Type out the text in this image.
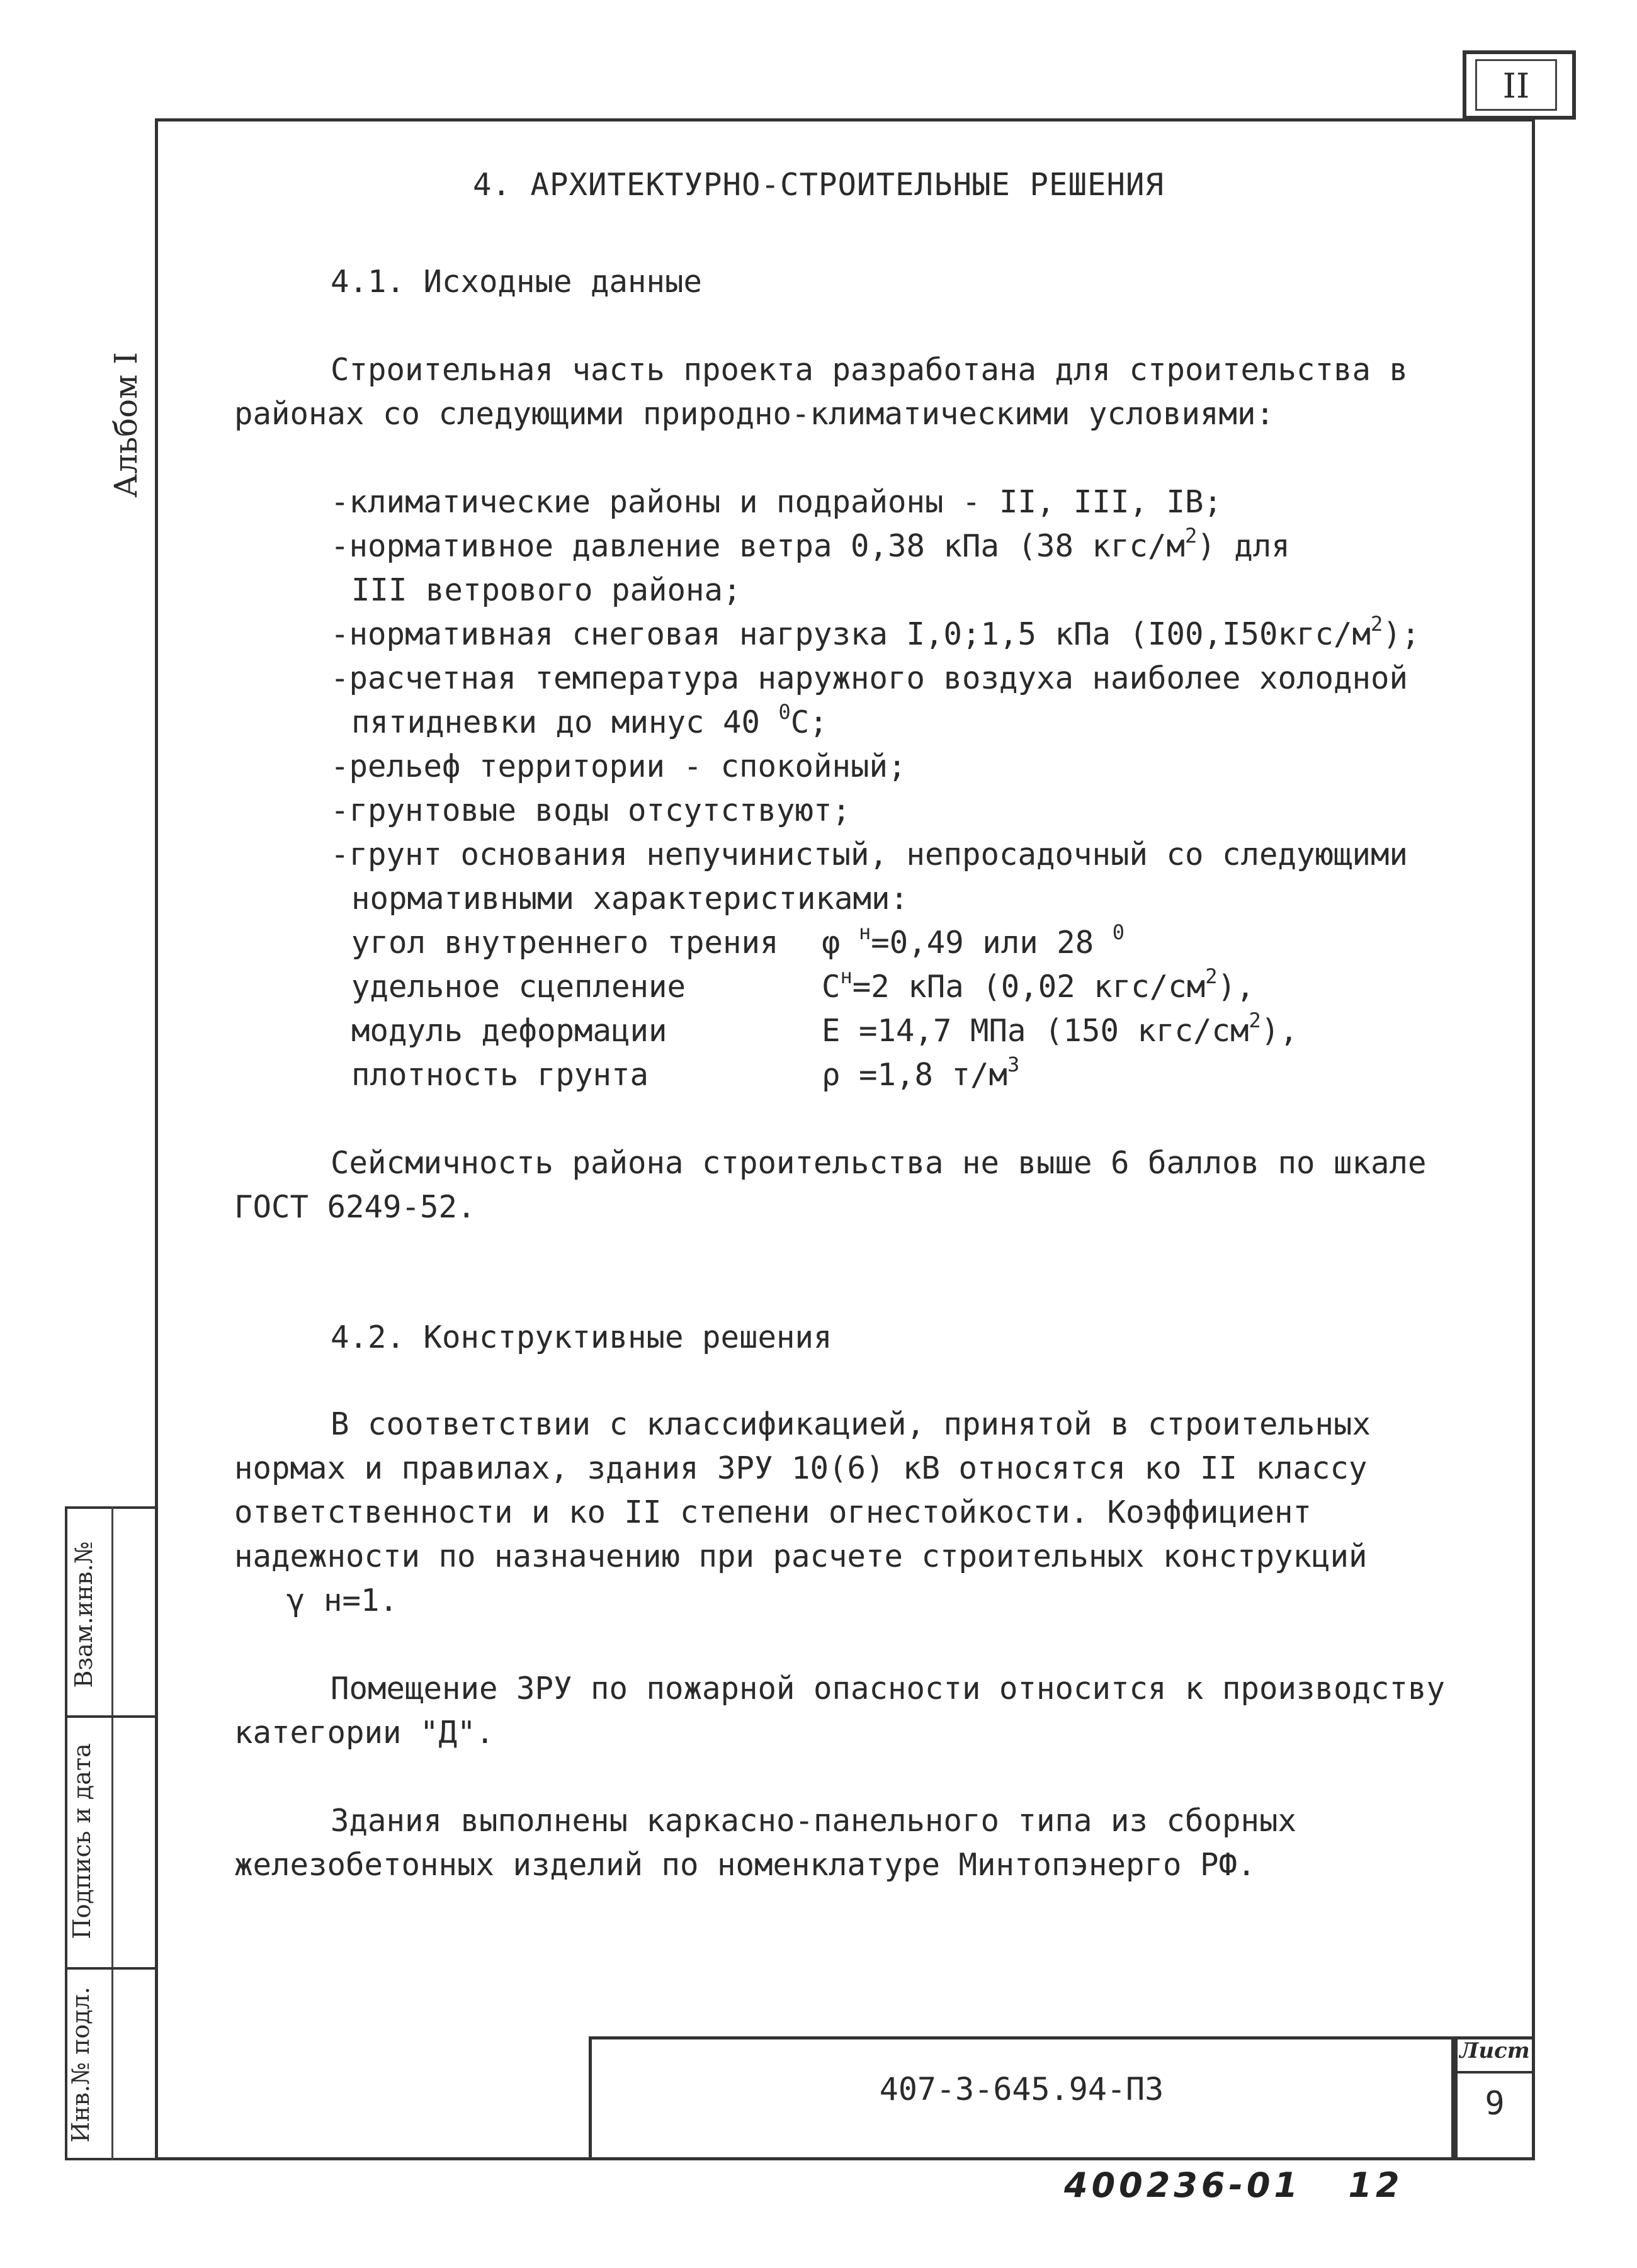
II
Альбом I
Взам.инв.№
Подпись и дата
Инв.№ подл.
4. АРХИТЕКТУРНО-СТРОИТЕЛЬНЫЕ РЕШЕНИЯ
4.1. Исходные данные
Строительная часть проекта разработана для строительства в
районах со следующими природно-климатическими условиями:
-климатические районы и подрайоны - II, III, IВ;
-нормативное давление ветра 0,38 кПа (38 кгс/$м^2$) для
III ветрового района;
-нормативная снеговая нагрузка I,0;1,5 кПа $(I00,I50кгс/м^2)$;
-расчетная температура наружного воздуха наиболее холодной
пятидневки до минус 40 $^0$С;
-рельеф территории - спокойный;
-грунтовые воды отсутствуют;
-грунт основания непучинистый, непросадочный со следующими
нормативными характеристиками:
угол внутреннего трения φ $^н$=0,49 или 28 $^0$
удельное сцепление	$С^н=2$ кПа (0,02 кгс/$см^2$),
модуль деформации	Е =14,7 МПа (150 кгс/$см^2$),
плотность грунта	ρ =1,8 $т/м^3$
Сейсмичность района строительства не выше 6 баллов по шкале
ГОСТ 6249-52.
4.2. Конструктивные решения
В соответствии с классификацией, принятой в строительных
нормах и правилах, здания ЗРУ 10(6) кВ относятся ко II классу
ответственности и ко II степени огнестойкости. Коэффициент
надежности по назначению при расчете строительных конструкций
γ н=1.
Помещение ЗРУ по пожарной опасности относится к производству
категории "Д".
Здания выполнены каркасно-панельного типа из сборных
железобетонных изделий по номенклатуре Минтопэнерго РФ.
407-3-645.94-ПЗ
Лист
9
400236-01   12
